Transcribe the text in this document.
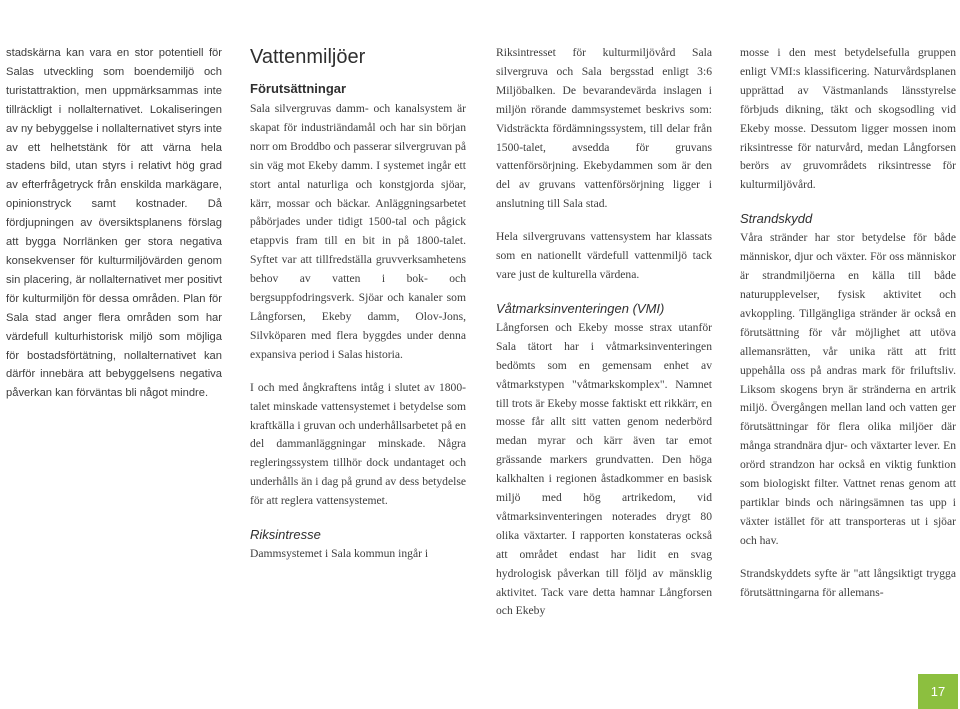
stadskärna kan vara en stor potentiell för Salas utveckling som boendemiljö och turistattraktion, men uppmärksammas inte tillräckligt i nollalternativet. Lokaliseringen av ny bebyggelse i nollalternativet styrs inte av ett helhetstänk för att värna hela stadens bild, utan styrs i relativt hög grad av efterfrågetryck från enskilda markägare, opinionstryck samt kostnader. Då fördjupningen av översiktsplanens förslag att bygga Norrlänken ger stora negativa konsekvenser för kulturmiljövärden genom sin placering, är nollalternativet mer positivt för kulturmiljön för dessa områden. Plan för Sala stad anger flera områden som har värdefull kulturhistorisk miljö som möjliga för bostadsförtätning, nollalternativet kan därför innebära att bebyggelsens negativa påverkan kan förväntas bli något mindre.

Vattenmiljöer
Förutsättningar

Sala silvergruvas damm- och kanalsystem är skapat för industriändamål och har sin början norr om Broddbo och passerar silvergruvan på sin väg mot Ekeby damm. I systemet ingår ett stort antal naturliga och konstgjorda sjöar, kärr, mossar och bäckar. Anläggningsarbetet påbörjades under tidigt 1500-tal och pågick etappvis fram till en bit in på 1800-talet. Syftet var att tillfredställa gruvverksamhetens behov av vatten i bok- och bergsuppfodringsverk. Sjöar och kanaler som Långforsen, Ekeby damm, Olov-Jons, Silvköparen med flera byggdes under denna expansiva period i Salas historia.

I och med ångkraftens intåg i slutet av 1800-talet minskade vattensystemet i betydelse som kraftkälla i gruvan och underhållsarbetet på en del dammanläggningar minskade. Några regleringssystem tillhör dock undantaget och underhålls än i dag på grund av dess betydelse för att reglera vattensystemet.

Riksintresse

Dammsystemet i Sala kommun ingår i

Riksintresset för kulturmiljövård Sala silvergruva och Sala bergsstad enligt 3:6 Miljöbalken. De bevarandevärda inslagen i miljön rörande dammsystemet beskrivs som: Vidsträckta fördämningssystem, till delar från 1500-talet, avsedda för gruvans vattenförsörjning. Ekebydammen som är den del av gruvans vattenförsörjning ligger i anslutning till Sala stad.

Hela silvergruvans vattensystem har klassats som en nationellt värdefull vattenmiljö tack vare just de kulturella värdena.

Våtmarksinventeringen (VMI)

Långforsen och Ekeby mosse strax utanför Sala tätort har i våtmarksinventeringen bedömts som en gemensam enhet av våtmarkstypen "våtmarkskomplex". Namnet till trots är Ekeby mosse faktiskt ett rikkärr, en mosse får allt sitt vatten genom nederbörd medan myrar och kärr även tar emot grässande markers grundvatten. Den höga kalkhalten i regionen åstadkommer en basisk miljö med hög artrikedom, vid våtmarksinventeringen noterades drygt 80 olika växtarter. I rapporten konstateras också att området endast har lidit en svag hydrologisk påverkan till följd av mänsklig aktivitet. Tack vare detta hamnar Långforsen och Ekeby

mosse i den mest betydelsefulla gruppen enligt VMI:s klassificering. Naturvårdsplanen upprättad av Västmanlands länsstyrelse förbjuds dikning, täkt och skogsodling vid Ekeby mosse. Dessutom ligger mossen inom riksintresse för naturvård, medan Långforsen berörs av gruvområdets riksintresse för kulturmiljövård.

Strandskydd

Våra stränder har stor betydelse för både människor, djur och växter. För oss människor är strandmiljöerna en källa till både naturupplevelser, fysisk aktivitet och avkoppling. Tillgängliga stränder är också en förutsättning för vår möjlighet att utöva allemansrätten, vår unika rätt att fritt uppehålla oss på andras mark för friluftsliv. Liksom skogens bryn är stränderna en artrik miljö. Övergången mellan land och vatten ger förutsättningar för flera olika miljöer där många strandnära djur- och växtarter lever. En orörd strandzon har också en viktig funktion som biologiskt filter. Vattnet renas genom att partiklar binds och näringsämnen tas upp i växter istället för att transporteras ut i sjöar och hav.

Strandskyddets syfte är "att långsiktigt trygga förutsättningarna för allemans-

17
